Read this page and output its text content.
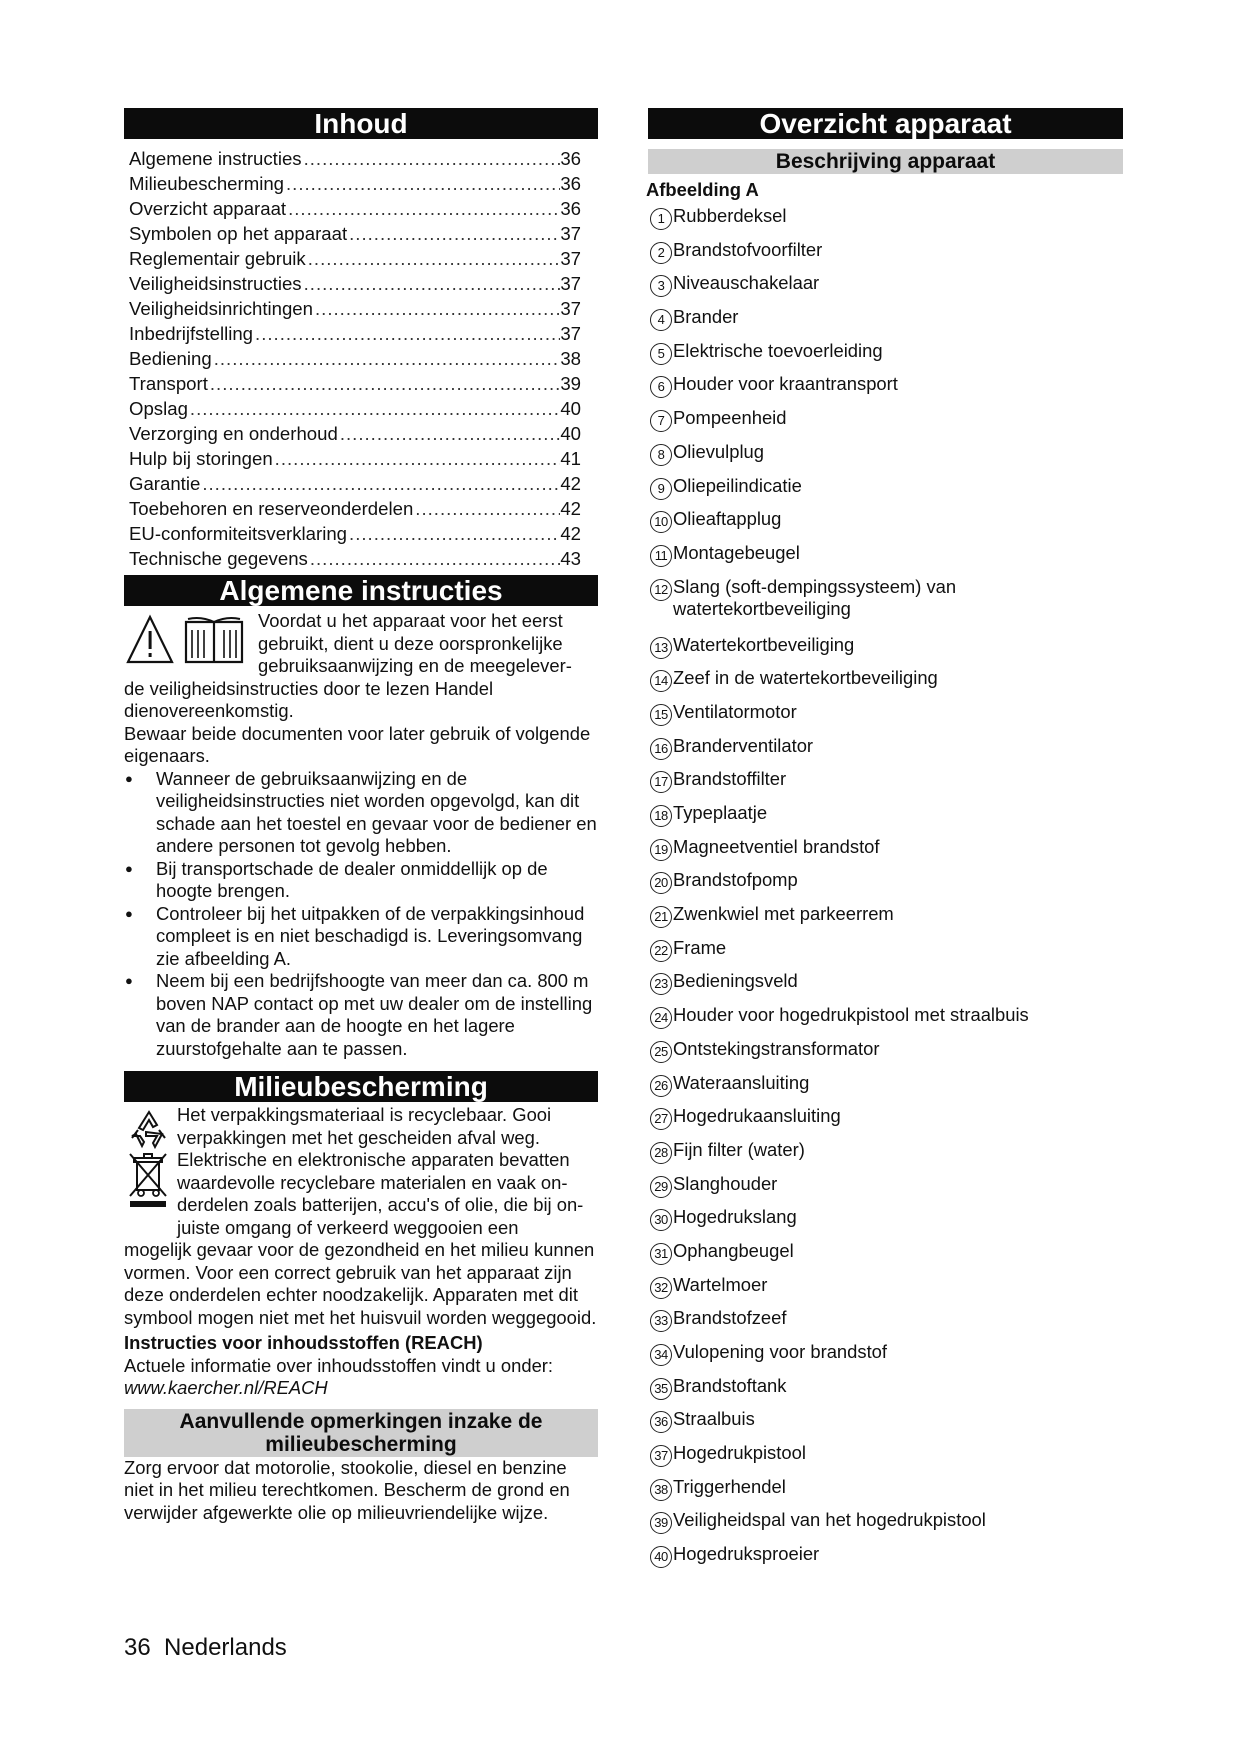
Inhoud
Algemene instructies .....	36
Milieubescherming .....	36
Overzicht apparaat .....	36
Symbolen op het apparaat .....	37
Reglementair gebruik .....	37
Veiligheidsinstructies .....	37
Veiligheidsinrichtingen .....	37
Inbedrijfstelling .....	37
Bediening .....	38
Transport .....	39
Opslag .....	40
Verzorging en onderhoud .....	40
Hulp bij storingen .....	41
Garantie .....	42
Toebehoren en reserveonderdelen .....	42
EU-conformiteitsverklaring .....	42
Technische gegevens .....	43
Algemene instructies

Voordat u het apparaat voor het eerst

gebruikt, dient u deze oorspronkelijke

gebruiksaanwijzing en de meegelever-

de veiligheidsinstructies door te lezen Handel dienovereenkomstig.

Bewaar beide documenten voor later gebruik of volgende eigenaars.

● Wanneer de gebruiksaanwijzing en de veiligheidsinstructies niet worden opgevolgd, kan dit schade aan het toestel en gevaar voor de bediener en andere personen tot gevolg hebben.
● Bij transportschade de dealer onmiddellijk op de hoogte brengen.
● Controleer bij het uitpakken of de verpakkingsinhoud compleet is en niet beschadigd is. Leveringsomvang zie afbeelding A.
● Neem bij een bedrijfshoogte van meer dan ca. 800 m boven NAP contact op met uw dealer om de instelling van de brander aan de hoogte en het lagere zuurstofgehalte aan te passen.
Milieubescherming

Het verpakkingsmateriaal is recyclebaar. Gooi

verpakkingen met het gescheiden afval weg.

Elektrische en elektronische apparaten bevatten

waardevolle recyclebare materialen en vaak on-

derdelen zoals batterijen, accu's of olie, die bij on-

juiste omgang of verkeerd weggooien een

mogelijk gevaar voor de gezondheid en het milieu kunnen vormen. Voor een correct gebruik van het apparaat zijn deze onderdelen echter noodzakelijk. Apparaten met dit symbool mogen niet met het huisvuil worden weggegooid.

Instructies voor inhoudsstoffen (REACH)

Actuele informatie over inhoudsstoffen vindt u onder:

www.kaercher.nl/REACH

Aanvullende opmerkingen inzake de
milieubescherming

Zorg ervoor dat motorolie, stookolie, diesel en benzine niet in het milieu terechtkomen. Bescherm de grond en verwijder afgewerkte olie op milieuvriendelijke wijze.

Overzicht apparaat
Beschrijving apparaat
Afbeelding A
1 Rubberdeksel
2 Brandstofvoorfilter
3 Niveauschakelaar
4 Brander
5 Elektrische toevoerleiding
6 Houder voor kraantransport
7 Pompeenheid
8 Olievulplug
9 Oliepeilindicatie
10 Olieaftapplug
11 Montagebeugel
12 Slang (soft-dempingssysteem) van watertekortbeveiliging
13 Watertekortbeveiliging
14 Zeef in de watertekortbeveiliging
15 Ventilatormotor
16 Branderventilator
17 Brandstoffilter
18 Typeplaatje
19 Magneetventiel brandstof
20 Brandstofpomp
21 Zwenkwiel met parkeerrem
22 Frame
23 Bedieningsveld
24 Houder voor hogedrukpistool met straalbuis
25 Ontstekingstransformator
26 Wateraansluiting
27 Hogedrukaansluiting
28 Fijn filter (water)
29 Slanghouder
30 Hogedrukslang
31 Ophangbeugel
32 Wartelmoer
33 Brandstofzeef
34 Vulopening voor brandstof
35 Brandstoftank
36 Straalbuis
37 Hogedrukpistool
38 Triggerhendel
39 Veiligheidspal van het hogedrukpistool
40 Hogedruksproeier
36 Nederlands
